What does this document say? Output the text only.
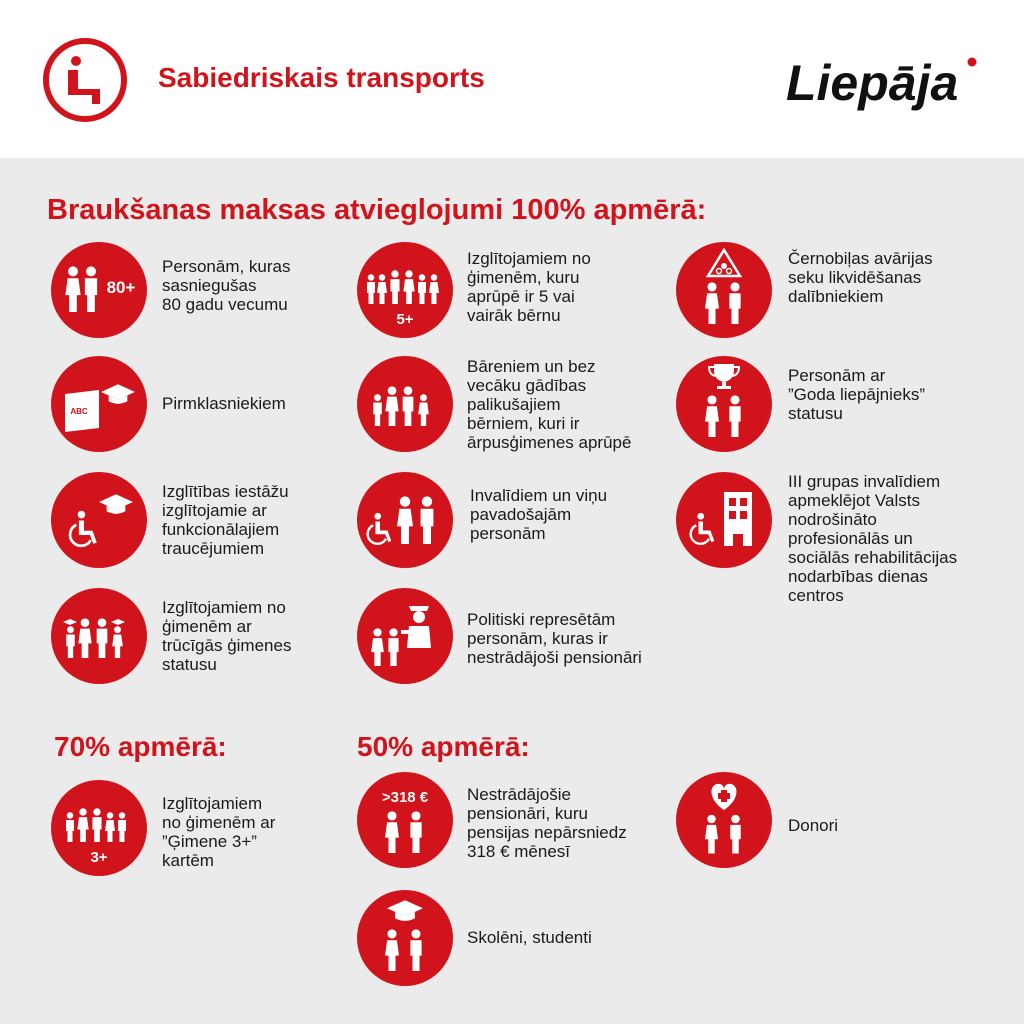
Sabiedriskais transports	Liepāja
Braukšanas maksas atvieglojumi 100% apmērā:
70% apmērā:	50% apmērā:
80+
Personām, kuras
sasniegušas
80 gadu vecumu
5+
Izglītojamiem no
ģimenēm, kuru
aprūpē ir 5 vai
vairāk bērnu
Černobiļas avārijas
seku likvidēšanas
dalībniekiem
ABC	Pirmklasniekiem
Bāreniem un bez
vecāku gādības
palikušajiem
bērniem, kuri ir
ārpusģimenes aprūpē
Personām ar
”Goda liepājnieks”
statusu
Izglītības iestāžu
izglītojamie ar
funkcionālajiem
traucējumiem
Invalīdiem un viņu
pavadošajām
personām
III grupas invalīdiem
apmeklējot Valsts
nodrošināto
profesionālās un
sociālās rehabilitācijas
nodarbības dienas
centros
Izglītojamiem no
ģimenēm ar
trūcīgās ģimenes
statusu
Politiski represētām
personām, kuras ir
nestrādājoši pensionāri
3+
Izglītojamiem
no ģimenēm ar
”Ģimene 3+”
kartēm
>318 € Nestrādājošie
pensionāri, kuru
pensijas nepārsniedz
318 € mēnesī
Donori
Skolēni, studenti
